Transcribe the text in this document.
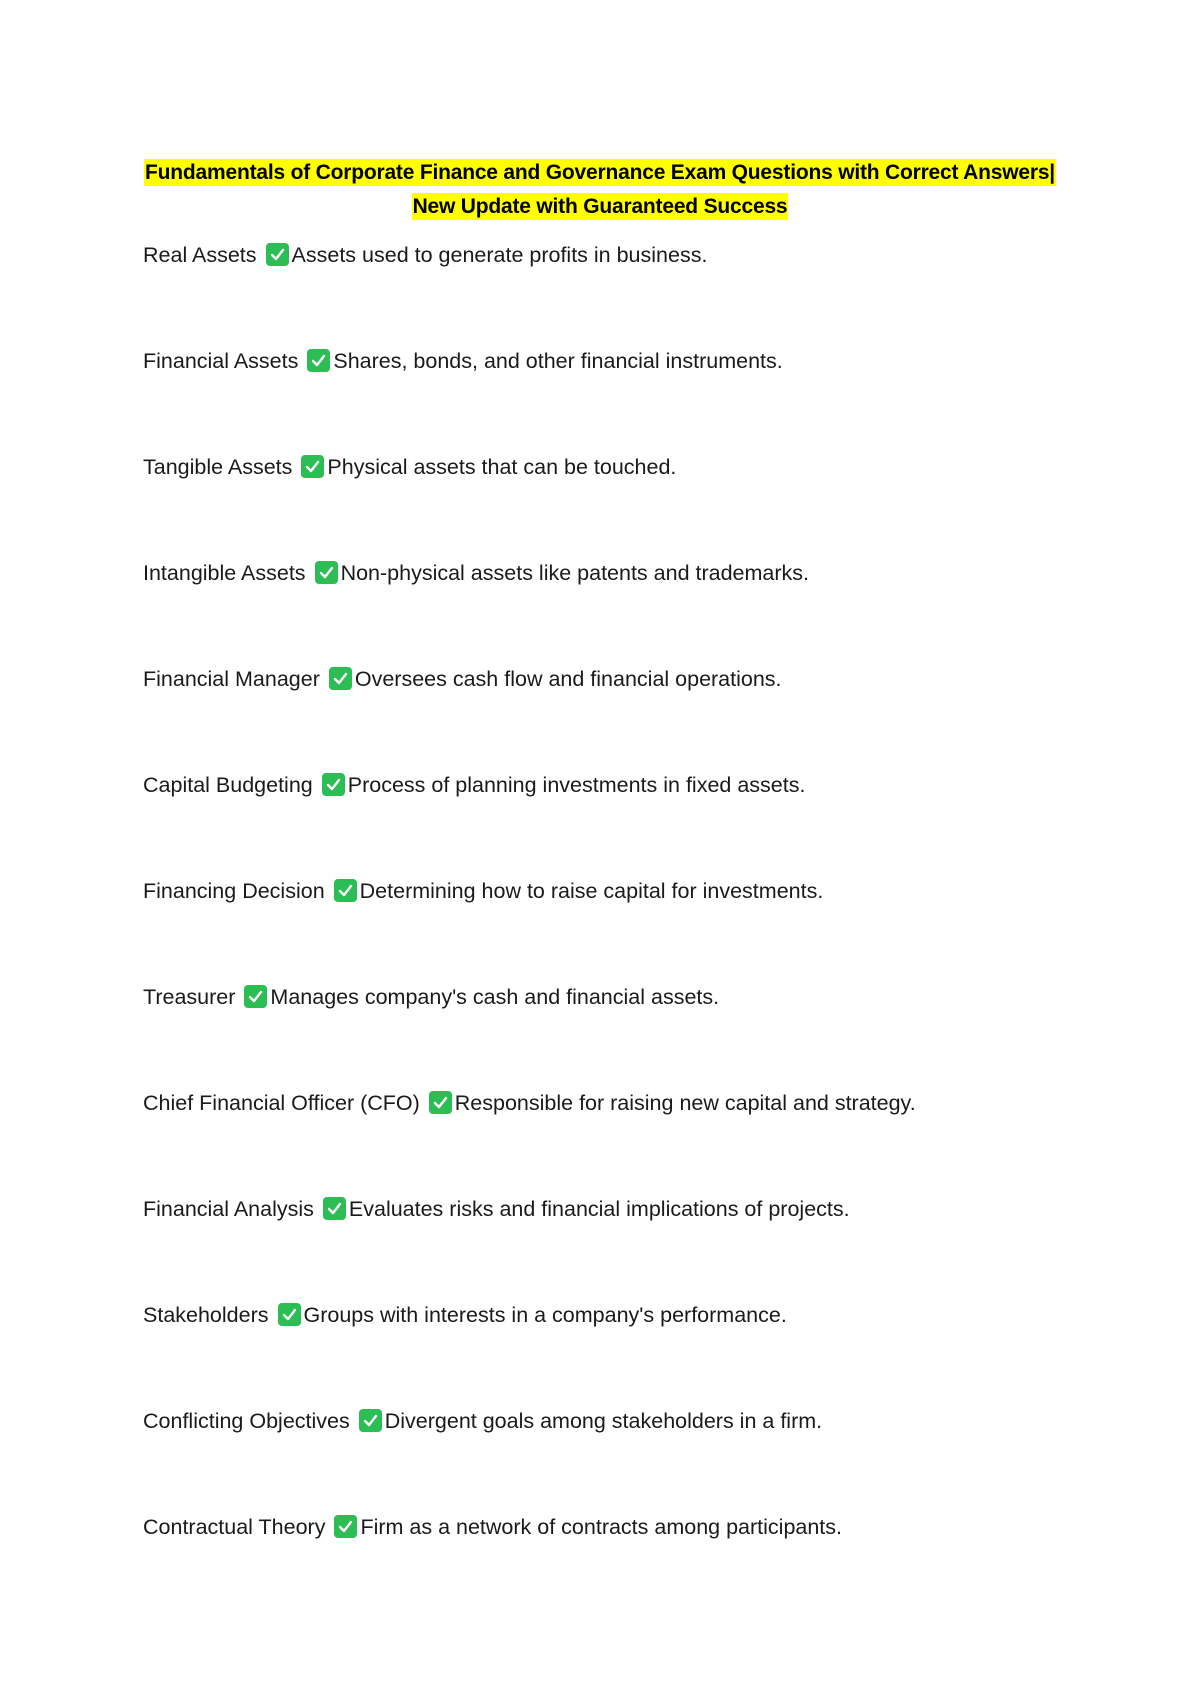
Fundamentals of Corporate Finance and Governance Exam Questions with Correct Answers|
New Update with Guaranteed Success
Real Assets Assets used to generate profits in business.
Financial Assets Shares, bonds, and other financial instruments.
Tangible Assets Physical assets that can be touched.
Intangible Assets Non-physical assets like patents and trademarks.
Financial Manager Oversees cash flow and financial operations.
Capital Budgeting Process of planning investments in fixed assets.
Financing Decision Determining how to raise capital for investments.
Treasurer Manages company's cash and financial assets.
Chief Financial Officer (CFO) Responsible for raising new capital and strategy.
Financial Analysis Evaluates risks and financial implications of projects.
Stakeholders Groups with interests in a company's performance.
Conflicting Objectives Divergent goals among stakeholders in a firm.
Contractual Theory Firm as a network of contracts among participants.
